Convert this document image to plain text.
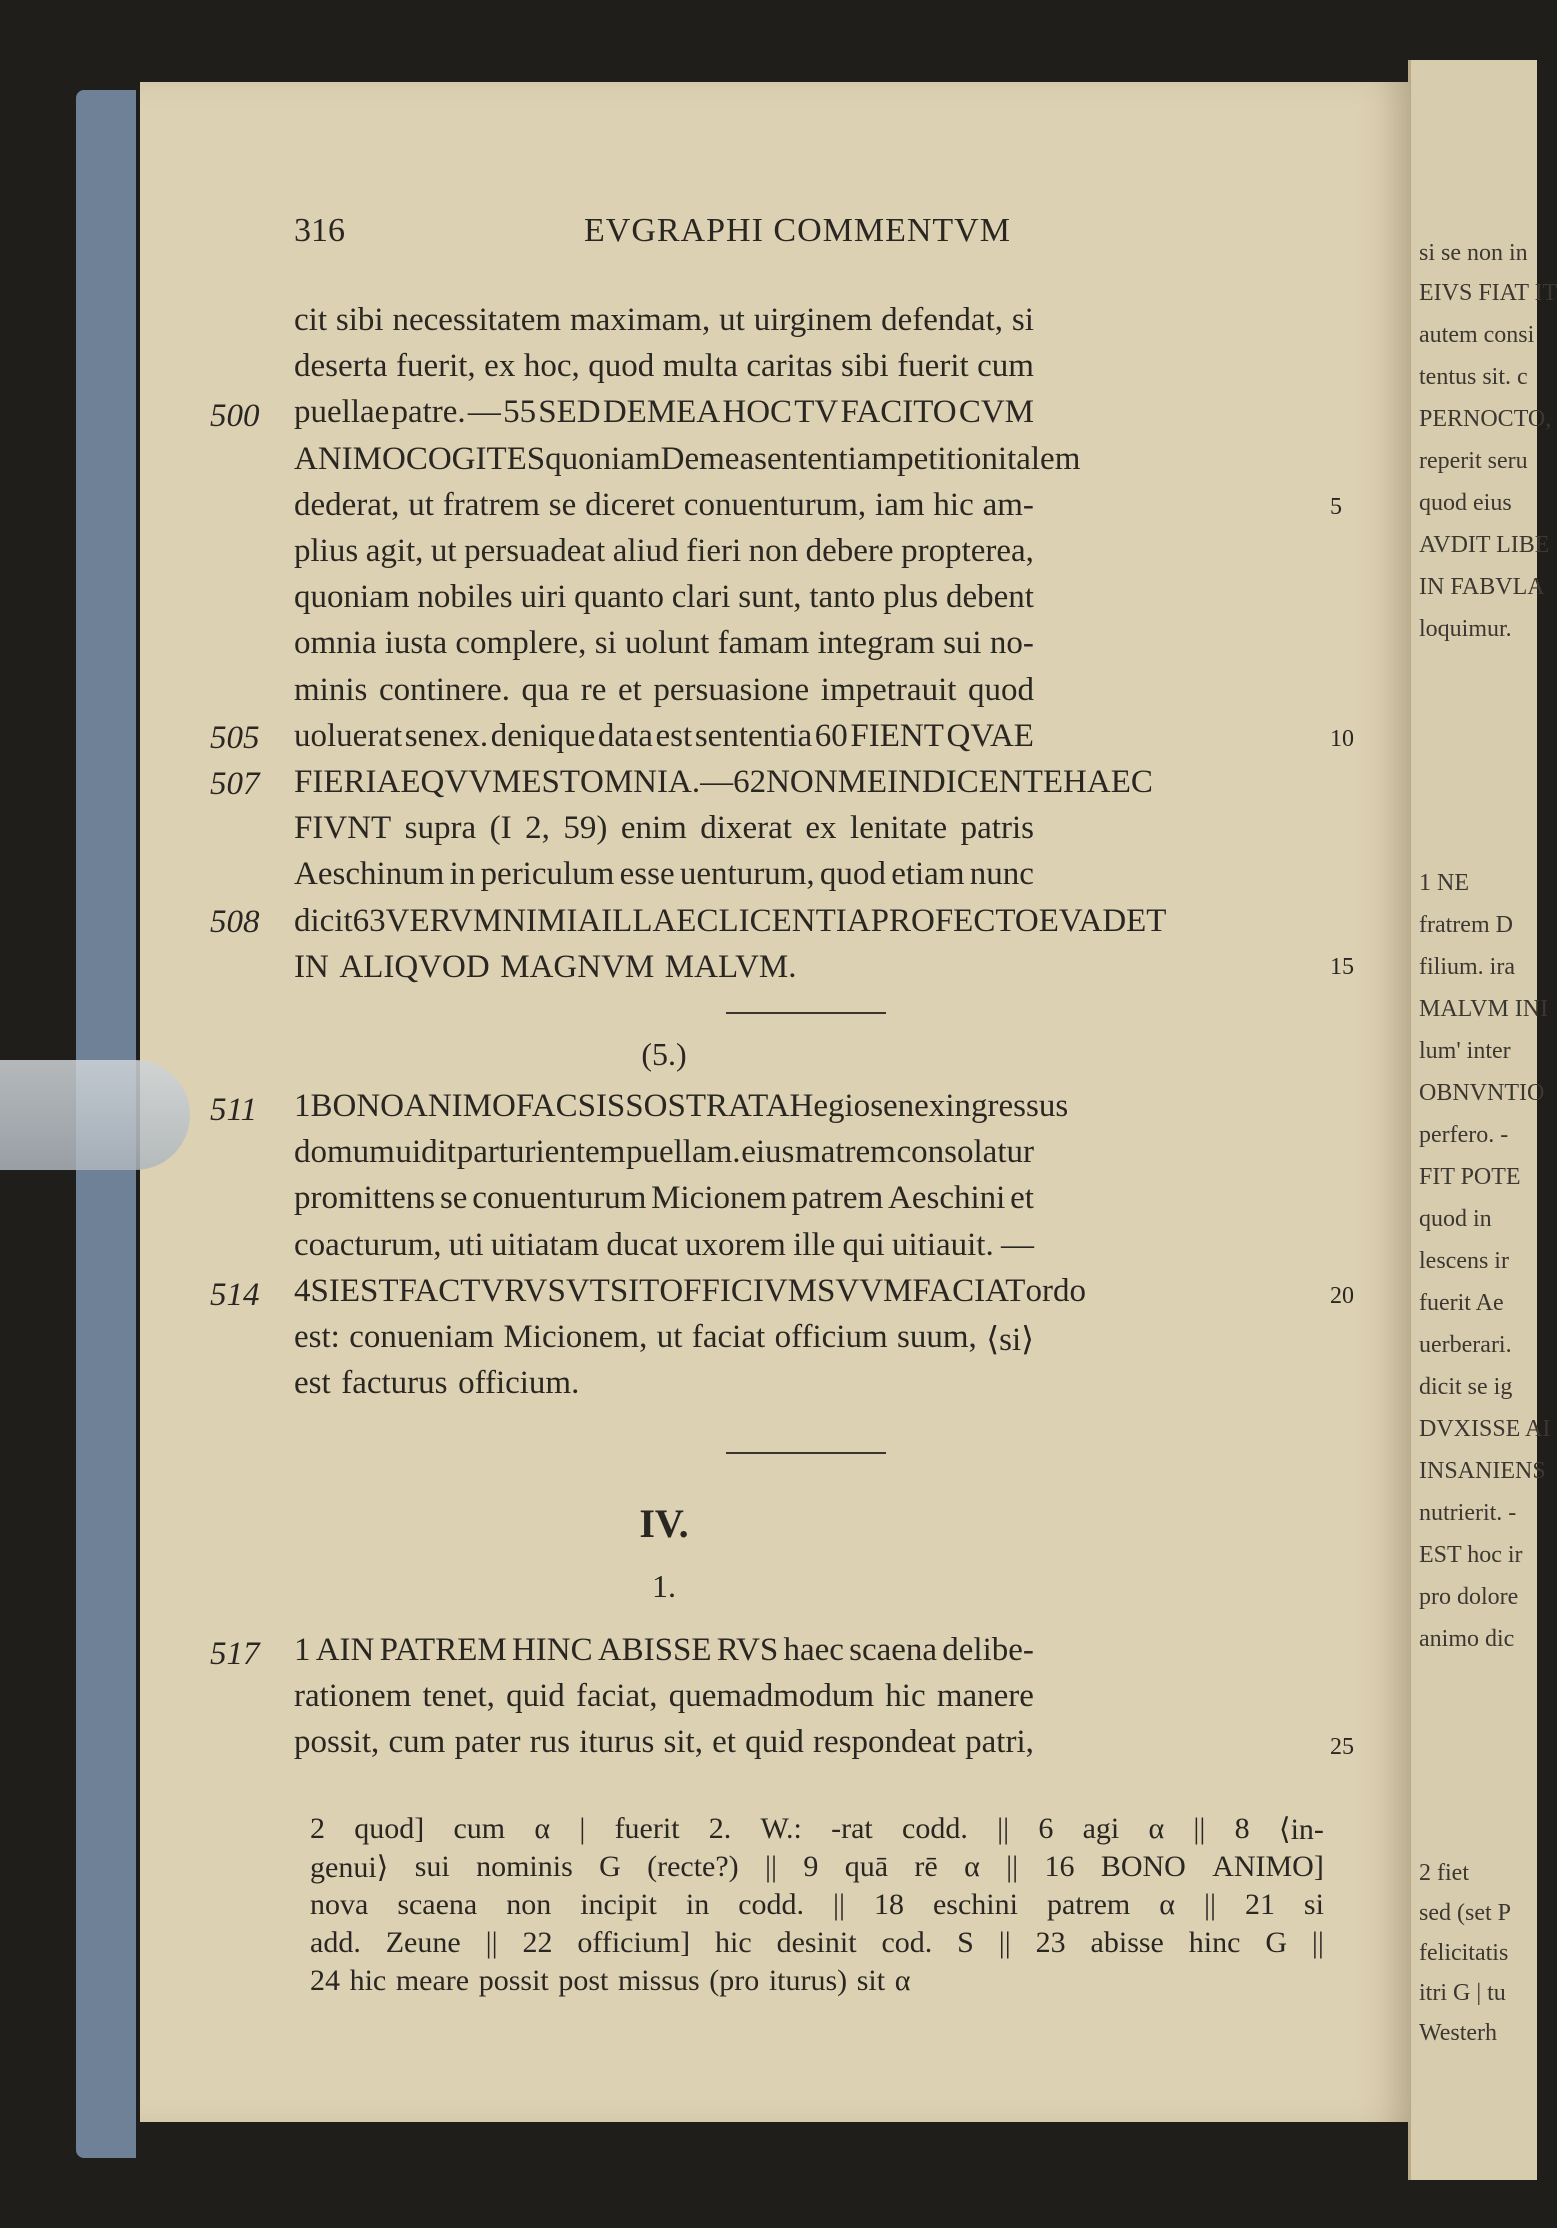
si se non in
EIVS FIAT IT
autem consi
tentus sit. c
PERNOCTO,
reperit seru
quod eius
AVDIT LIBE
IN FABVLA
loquimur.
1 NE
fratrem D
filium. ira
MALVM INI
lum' inter
OBNVNTIO
perfero. -
FIT POTE
quod in
lescens ir
fuerit Ae
uerberari.
dicit se ig
DVXISSE AI
INSANIENS
nutrierit. -
EST hoc ir
pro dolore
animo dic
2 fiet
sed (set P
felicitatis
itri G | tu
Westerh
316	EVGRAPHI COMMENTVM
cit sibi necessitatem maximam, ut uirginem defendat, si
deserta fuerit, ex hoc, quod multa caritas sibi fuerit cum
puellae patre. — 55 SED DEMEA HOC TV FACITO CVM
ANIMO COGITES quoniam Demea sententiam petitioni talem
dederat, ut fratrem se diceret conuenturum, iam hic am-
plius agit, ut persuadeat aliud fieri non debere propterea,
quoniam nobiles uiri quanto clari sunt, tanto plus debent
omnia iusta complere, si uolunt famam integram sui no-
minis continere. qua re et persuasione impetrauit quod
uoluerat senex. denique data est sententia 60 FIENT QVAE
FIERI AEQVVM EST OMNIA. — 62 NON ME INDICENTE HAEC
FIVNT supra (I 2, 59) enim dixerat ex lenitate patris
Aeschinum in periculum esse uenturum, quod etiam nunc
dicit 63 VERVM NIMIA ILLAEC LICENTIA PROFECTO EVADET
IN ALIQVOD MAGNVM MALVM.
1 BONO ANIMO FAC SIS SOSTRATA Hegio senex ingressus
domum uidit parturientem puellam. eius matrem consolatur
promittens se conuenturum Micionem patrem Aeschini et
coacturum, uti uitiatam ducat uxorem ille qui uitiauit. —
4 SI EST FACTVRVS VT SIT OFFICIVM SVVM FACIAT ordo
est: conueniam Micionem, ut faciat officium suum, ⟨si⟩
est facturus officium.
1 AIN PATREM HINC ABISSE RVS haec scaena delibe-
rationem tenet, quid faciat, quemadmodum hic manere
possit, cum pater rus iturus sit, et quid respondeat patri,
2 quod] cum α | fuerit 2. W.: -rat codd. || 6 agi α || 8 ⟨in-
genui⟩ sui nominis G (recte?) || 9 quā rē α || 16 BONO ANIMO]
nova scaena non incipit in codd. || 18 eschini patrem α || 21 si
add. Zeune || 22 officium] hic desinit cod. S || 23 abisse hinc G ||
24 hic meare possit post missus (pro iturus) sit α
500
505
507
508
511
514
517
5
10
15
20
25
(5.)
IV.
1.
